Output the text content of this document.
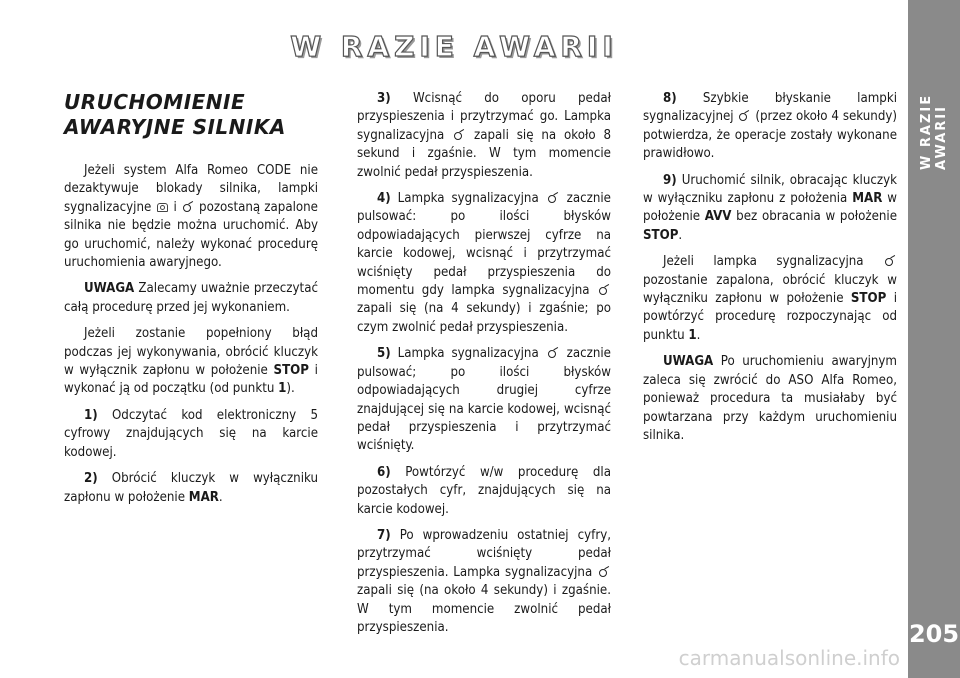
W RAZIE AWARII
205
W RAZIE AWARII
URUCHOMIENIE
AWARYJNE SILNIKA

Jeżeli system Alfa Romeo CODE nie dezaktywuje blokady silnika, lampki sygnalizacyjne  i  pozostaną zapalone silnika nie będzie można uruchomić. Aby go uruchomić, należy wykonać procedurę uruchomienia awaryjnego.

UWAGA Zalecamy uważnie przeczytać całą procedurę przed jej wykonaniem.

Jeżeli zostanie popełniony błąd podczas jej wykonywania, obrócić kluczyk w wyłącznik zapłonu w położenie STOP i wykonać ją od początku (od punktu 1).

1) Odczytać kod elektroniczny 5 cyfrowy znajdujących się na karcie kodowej.

2) Obrócić kluczyk w wyłączniku zapłonu w położenie MAR.

3) Wcisnąć do oporu pedał przyspieszenia i przytrzymać go. Lampka sygnalizacyjna  zapali się na około 8 sekund i zgaśnie. W tym momencie zwolnić pedał przyspieszenia.

4) Lampka sygnalizacyjna  zacznie pulsować: po ilości błysków odpowiadających pierwszej cyfrze na karcie kodowej, wcisnąć i przytrzymać wciśnięty pedał przyspieszenia do momentu gdy lampka sygnalizacyjna  zapali się (na 4 sekundy) i zgaśnie; po czym zwolnić pedał przyspieszenia.

5) Lampka sygnalizacyjna  zacznie pulsować; po ilości błysków odpowiadających drugiej cyfrze znajdującej się na karcie kodowej, wcisnąć pedał przyspieszenia i przytrzymać wciśnięty.

6) Powtórzyć w/w procedurę dla pozostałych cyfr, znajdujących się na karcie kodowej.

7) Po wprowadzeniu ostatniej cyfry, przytrzymać wciśnięty pedał przyspieszenia. Lampka sygnalizacyjna  zapali się (na około 4 sekundy) i zgaśnie. W tym momencie zwolnić pedał przyspieszenia.

8) Szybkie błyskanie lampki sygnalizacyjnej  (przez około 4 sekundy) potwierdza, że operacje zostały wykonane prawidłowo.

9) Uruchomić silnik, obracając kluczyk w wyłączniku zapłonu z położenia MAR w położenie AVV bez obracania w położenie STOP.

Jeżeli lampka sygnalizacyjna  pozostanie zapalona, obrócić kluczyk w wyłączniku zapłonu w położenie STOP i powtórzyć procedurę rozpoczynając od punktu 1.

UWAGA Po uruchomieniu awaryjnym zaleca się zwrócić do ASO Alfa Romeo, ponieważ procedura ta musiałaby być powtarzana przy każdym uruchomieniu silnika.

carmanualsonline.info
